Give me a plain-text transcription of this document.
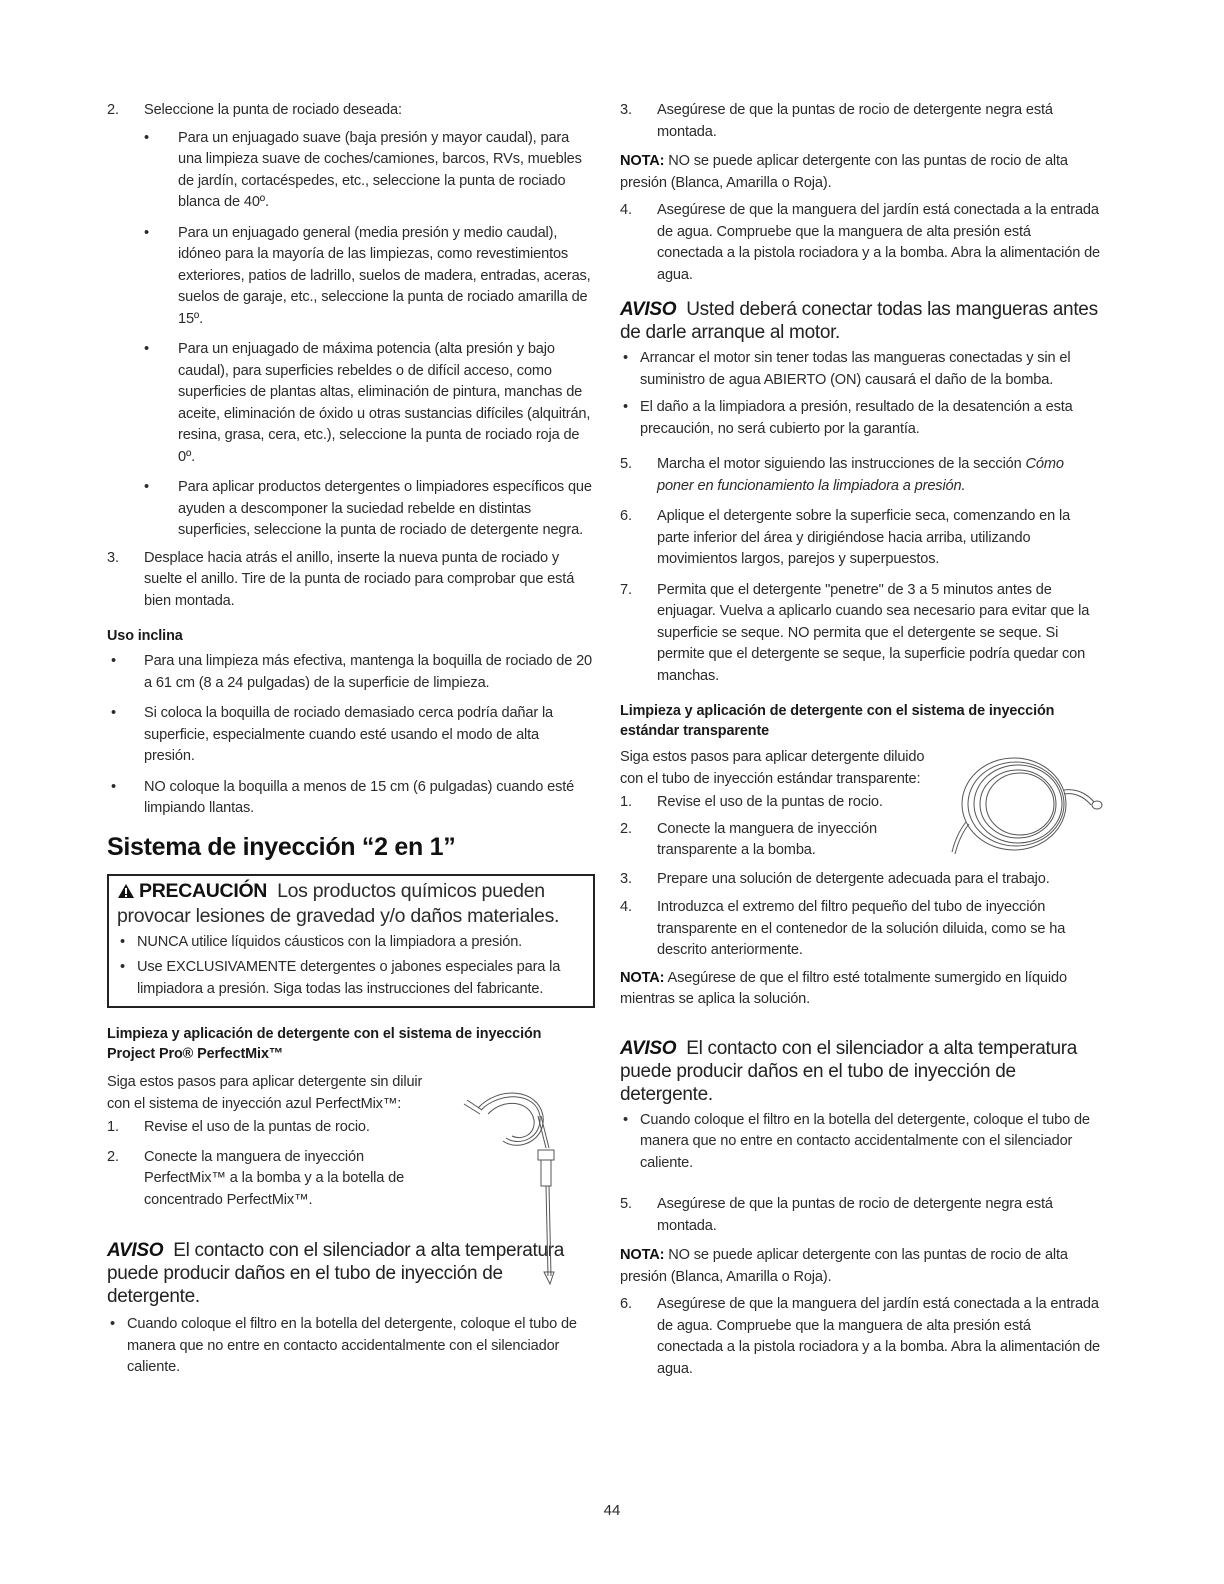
2. Seleccione la punta de rociado deseada:
• Para un enjuagado suave (baja presión y mayor caudal), para una limpieza suave de coches/camiones, barcos, RVs, muebles de jardín, cortacéspedes, etc., seleccione la punta de rociado blanca de 40º.
• Para un enjuagado general (media presión y medio caudal), idóneo para la mayoría de las limpiezas, como revestimientos exteriores, patios de ladrillo, suelos de madera, entradas, aceras, suelos de garaje, etc., seleccione la punta de rociado amarilla de 15º.
• Para un enjuagado de máxima potencia (alta presión y bajo caudal), para superficies rebeldes o de difícil acceso, como superficies de plantas altas, eliminación de pintura, manchas de aceite, eliminación de óxido u otras sustancias difíciles (alquitrán, resina, grasa, cera, etc.), seleccione la punta de rociado roja de 0º.
• Para aplicar productos detergentes o limpiadores específicos que ayuden a descomponer la suciedad rebelde en distintas superficies, seleccione la punta de rociado de detergente negra.
3. Desplace hacia atrás el anillo, inserte la nueva punta de rociado y suelte el anillo. Tire de la punta de rociado para comprobar que está bien montada.
Uso inclina
• Para una limpieza más efectiva, mantenga la boquilla de rociado de 20 a 61 cm (8 a 24 pulgadas) de la superficie de limpieza.
• Si coloca la boquilla de rociado demasiado cerca podría dañar la superficie, especialmente cuando esté usando el modo de alta presión.
• NO coloque la boquilla a menos de 15 cm (6 pulgadas) cuando esté limpiando llantas.
Sistema de inyección “2 en 1”
PRECAUCIÓN Los productos químicos pueden provocar lesiones de gravedad y/o daños materiales.
• NUNCA utilice líquidos cáusticos con la limpiadora a presión.
• Use EXCLUSIVAMENTE detergentes o jabones especiales para la limpiadora a presión. Siga todas las instrucciones del fabricante.
Limpieza y aplicación de detergente con el sistema de inyección Project Pro® PerfectMix™
Siga estos pasos para aplicar detergente sin diluir con el sistema de inyección azul PerfectMix™:
1. Revise el uso de la puntas de rocio.
2. Conecte la manguera de inyección PerfectMix™ a la bomba y a la botella de concentrado PerfectMix™.
AVISO El contacto con el silenciador a alta temperatura puede producir daños en el tubo de inyección de detergente.
• Cuando coloque el filtro en la botella del detergente, coloque el tubo de manera que no entre en contacto accidentalmente con el silenciador caliente.
3. Asegúrese de que la puntas de rocio de detergente negra está montada.
NOTA: NO se puede aplicar detergente con las puntas de rocio de alta presión (Blanca, Amarilla o Roja).
4. Asegúrese de que la manguera del jardín está conectada a la entrada de agua. Compruebe que la manguera de alta presión está conectada a la pistola rociadora y a la bomba. Abra la alimentación de agua.
AVISO Usted deberá conectar todas las mangueras antes de darle arranque al motor.
• Arrancar el motor sin tener todas las mangueras conectadas y sin el suministro de agua ABIERTO (ON) causará el daño de la bomba.
• El daño a la limpiadora a presión, resultado de la desatención a esta precaución, no será cubierto por la garantía.
5. Marcha el motor siguiendo las instrucciones de la sección Cómo poner en funcionamiento la limpiadora a presión.
6. Aplique el detergente sobre la superficie seca, comenzando en la parte inferior del área y dirigiéndose hacia arriba, utilizando movimientos largos, parejos y superpuestos.
7. Permita que el detergente "penetre" de 3 a 5 minutos antes de enjuagar. Vuelva a aplicarlo cuando sea necesario para evitar que la superficie se seque. NO permita que el detergente se seque. Si permite que el detergente se seque, la superficie podría quedar con manchas.
Limpieza y aplicación de detergente con el sistema de inyección estándar transparente
Siga estos pasos para aplicar detergente diluido con el tubo de inyección estándar transparente:
1. Revise el uso de la puntas de rocio.
2. Conecte la manguera de inyección transparente a la bomba.
3. Prepare una solución de detergente adecuada para el trabajo.
4. Introduzca el extremo del filtro pequeño del tubo de inyección transparente en el contenedor de la solución diluida, como se ha descrito anteriormente.
NOTA: Asegúrese de que el filtro esté totalmente sumergido en líquido mientras se aplica la solución.
AVISO El contacto con el silenciador a alta temperatura puede producir daños en el tubo de inyección de detergente.
• Cuando coloque el filtro en la botella del detergente, coloque el tubo de manera que no entre en contacto accidentalmente con el silenciador caliente.
5. Asegúrese de que la puntas de rocio de detergente negra está montada.
NOTA: NO se puede aplicar detergente con las puntas de rocio de alta presión (Blanca, Amarilla o Roja).
6. Asegúrese de que la manguera del jardín está conectada a la entrada de agua. Compruebe que la manguera de alta presión está conectada a la pistola rociadora y a la bomba. Abra la alimentación de agua.
44
